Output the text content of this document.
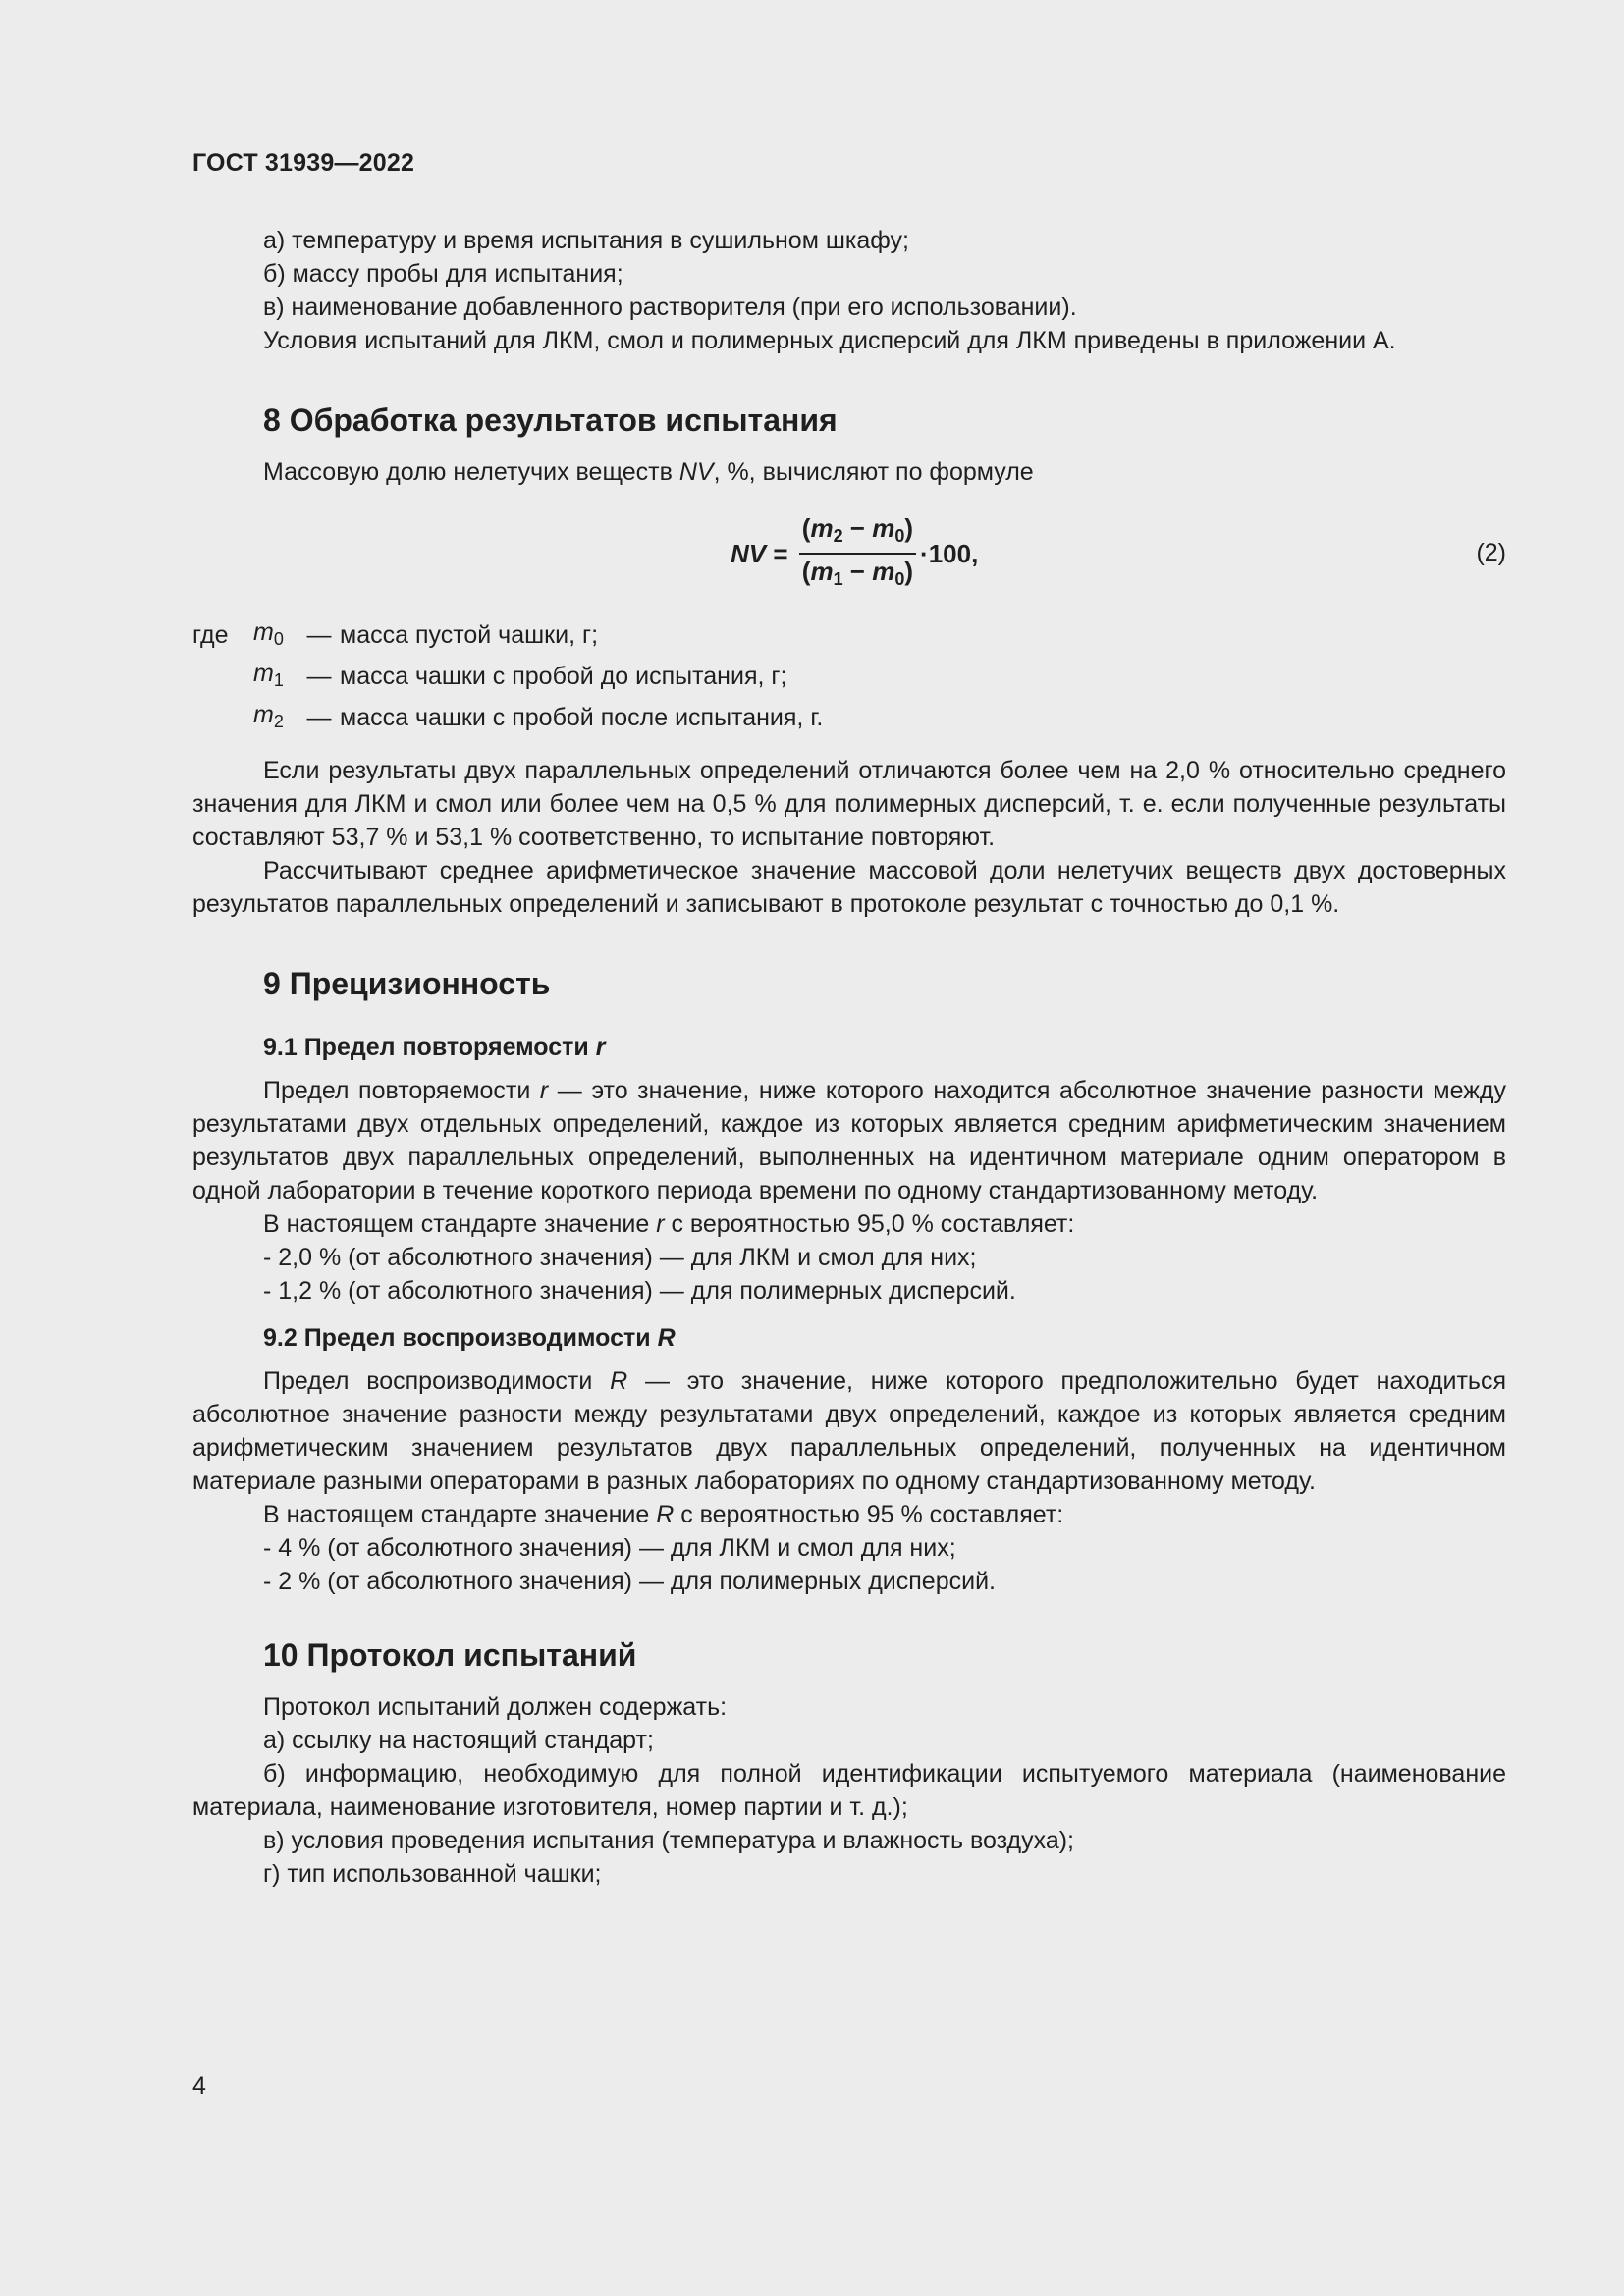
ГОСТ 31939—2022

а) температуру и время испытания в сушильном шкафу;

б) массу пробы для испытания;

в) наименование добавленного растворителя (при его использовании).

Условия испытаний для ЛКМ, смол и полимерных дисперсий для ЛКМ приведены в приложении А.

8 Обработка результатов испытания

Массовую долю нелетучих веществ NV, %, вычисляют по формуле

NV = $\frac{(m_2 - m_0)}{(m_1 - m_0)} \cdot 100$,	(2)
где	$m_0$	—	масса пустой чашки, г;
	$m_1$	—	масса чашки с пробой до испытания, г;
	$m_2$	—	масса чашки с пробой после испытания, г.

Если результаты двух параллельных определений отличаются более чем на 2,0 % относительно среднего значения для ЛКМ и смол или более чем на 0,5 % для полимерных дисперсий, т. е. если полученные результаты составляют 53,7 % и 53,1 % соответственно, то испытание повторяют.

Рассчитывают среднее арифметическое значение массовой доли нелетучих веществ двух достоверных результатов параллельных определений и записывают в протоколе результат с точностью до 0,1 %.

9 Прецизионность
9.1 Предел повторяемости r

Предел повторяемости r — это значение, ниже которого находится абсолютное значение разности между результатами двух отдельных определений, каждое из которых является средним арифметическим значением результатов двух параллельных определений, выполненных на идентичном материале одним оператором в одной лаборатории в течение короткого периода времени по одному стандартизованному методу.

В настоящем стандарте значение r с вероятностью 95,0 % составляет:

- 2,0 % (от абсолютного значения) — для ЛКМ и смол для них;

- 1,2 % (от абсолютного значения) — для полимерных дисперсий.

9.2 Предел воспроизводимости R

Предел воспроизводимости R — это значение, ниже которого предположительно будет находиться абсолютное значение разности между результатами двух определений, каждое из которых является средним арифметическим значением результатов двух параллельных определений, полученных на идентичном материале разными операторами в разных лабораториях по одному стандартизованному методу.

В настоящем стандарте значение R с вероятностью 95 % составляет:

- 4 % (от абсолютного значения) — для ЛКМ и смол для них;

- 2 % (от абсолютного значения) — для полимерных дисперсий.

10 Протокол испытаний

Протокол испытаний должен содержать:

а) ссылку на настоящий стандарт;

б) информацию, необходимую для полной идентификации испытуемого материала (наименование материала, наименование изготовителя, номер партии и т. д.);

в) условия проведения испытания (температура и влажность воздуха);

г) тип использованной чашки;

4
